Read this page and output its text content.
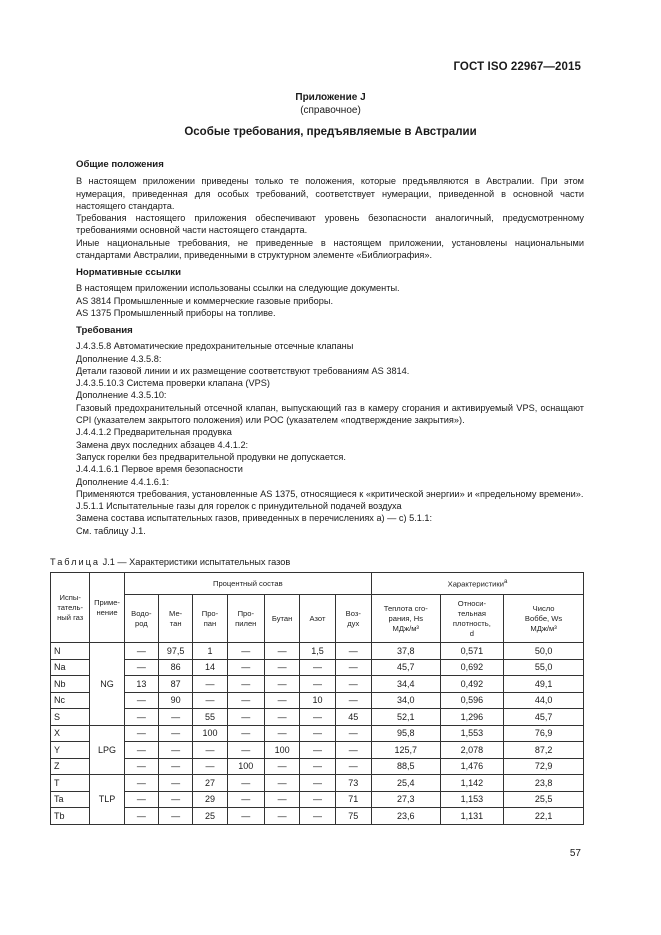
ГОСТ ISO 22967—2015
Приложение J
(справочное)
Особые требования, предъявляемые в Австралии

Общие положения

В настоящем приложении приведены только те положения, которые предъявляются в Австралии. При этом нумерация, приведенная для особых требований, соответствует нумерации, приведенной в основной части настоящего стандарта.

Требования настоящего приложения обеспечивают уровень безопасности аналогичный, предусмотренному требованиями основной части настоящего стандарта.

Иные национальные требования, не приведенные в настоящем приложении, установлены национальными стандартами Австралии, приведенными в структурном элементе «Библиография».

Нормативные ссылки

В настоящем приложении использованы ссылки на следующие документы.

AS 3814 Промышленные и коммерческие газовые приборы.

AS 1375 Промышленный приборы на топливе.

Требования

J.4.3.5.8 Автоматические предохранительные отсечные клапаны

Дополнение 4.3.5.8:

Детали газовой линии и их размещение соответствуют требованиям AS 3814.

J.4.3.5.10.3 Система проверки клапана (VPS)

Дополнение 4.3.5.10:

Газовый предохранительный отсечной клапан, выпускающий газ в камеру сгорания и активируемый VPS, оснащают CPI (указателем закрытого положения) или POC (указателем «подтверждение закрытия»).

J.4.4.1.2 Предварительная продувка

Замена двух последних абзацев 4.4.1.2:

Запуск горелки без предварительной продувки не допускается.

J.4.4.1.6.1 Первое время безопасности

Дополнение 4.4.1.6.1:

Применяются требования, установленные AS 1375, относящиеся к «критической энергии» и «предельному времени».

J.5.1.1 Испытательные газы для горелок с принудительной подачей воздуха

Замена состава испытательных газов, приведенных в перечислениях a) — c) 5.1.1:

См. таблицу J.1.

Таблица J.1 — Характеристики испытательных газов
Испы-
татель-
ный газ	Приме-
нение	Процентный состав							Характеристики$^a$
		Водо-
род	Ме-
тан	Про-
пан	Про-
пилен	Бутан	Азот	Воз-
дух	Теплота сго-
рания, Hs
МДж/м³	Относи-
тельная
плотность,
d	Число
Воббе, Ws
МДж/м³
N	NG	—	97,5	1	—	—	1,5	—	37,8	0,571	50,0
Na		—	86	14	—	—	—	—	45,7	0,692	55,0
Nb		13	87	—	—	—	—	—	34,4	0,492	49,1
Nc		—	90	—	—	—	10	—	34,0	0,596	44,0
S		—	—	55	—	—	—	45	52,1	1,296	45,7
X	LPG	—	—	100	—	—	—	—	95,8	1,553	76,9
Y		—	—	—	—	100	—	—	125,7	2,078	87,2
Z		—	—	—	100	—	—	—	88,5	1,476	72,9
T	TLP	—	—	27	—	—	—	73	25,4	1,142	23,8
Ta		—	—	29	—	—	—	71	27,3	1,153	25,5
Tb		—	—	25	—	—	—	75	23,6	1,131	22,1
57
